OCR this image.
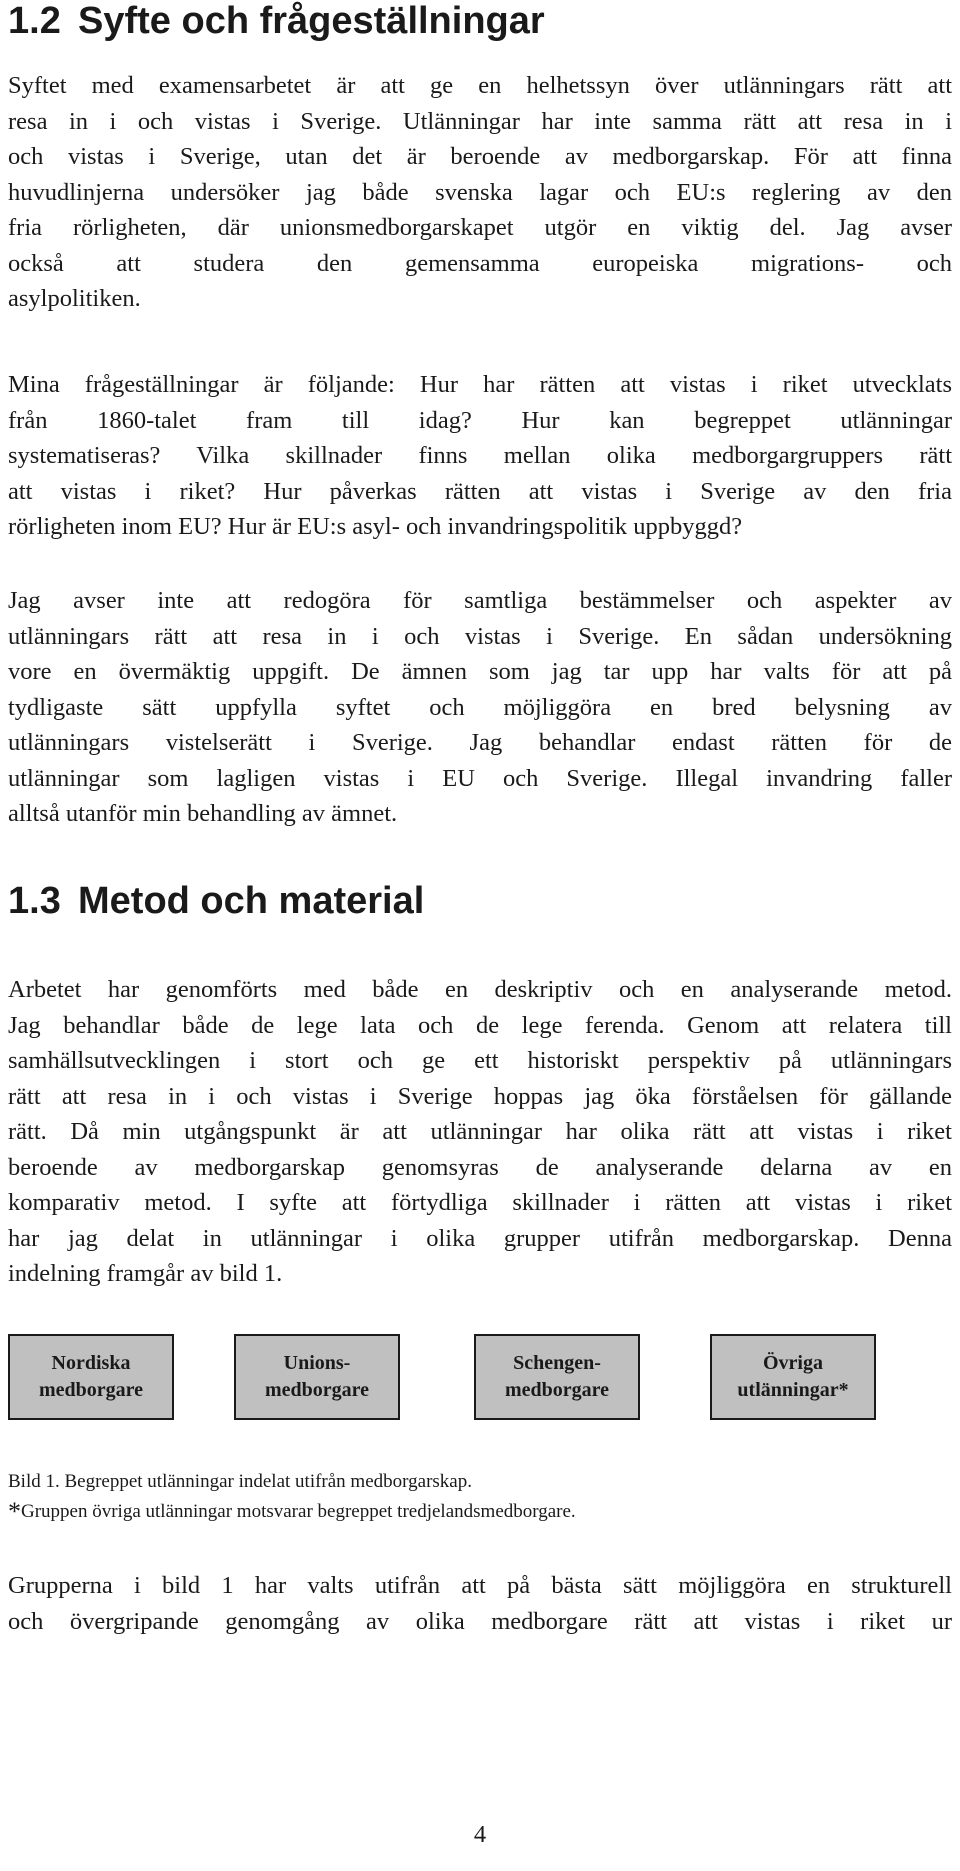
1.2 Syfte och frågeställningar
Syftet med examensarbetet är att ge en helhetssyn över utlänningars rätt att
resa in i och vistas i Sverige. Utlänningar har inte samma rätt att resa in i
och vistas i Sverige, utan det är beroende av medborgarskap. För att finna
huvudlinjerna undersöker jag både svenska lagar och EU:s reglering av den
fria rörligheten, där unionsmedborgarskapet utgör en viktig del. Jag avser
också att studera den gemensamma europeiska migrations- och
asylpolitiken.
Mina frågeställningar är följande: Hur har rätten att vistas i riket utvecklats
från 1860-talet fram till idag? Hur kan begreppet utlänningar
systematiseras? Vilka skillnader finns mellan olika medborgargruppers rätt
att vistas i riket? Hur påverkas rätten att vistas i Sverige av den fria
rörligheten inom EU? Hur är EU:s asyl- och invandringspolitik uppbyggd?
Jag avser inte att redogöra för samtliga bestämmelser och aspekter av
utlänningars rätt att resa in i och vistas i Sverige. En sådan undersökning
vore en övermäktig uppgift. De ämnen som jag tar upp har valts för att på
tydligaste sätt uppfylla syftet och möjliggöra en bred belysning av
utlänningars vistelserätt i Sverige. Jag behandlar endast rätten för de
utlänningar som lagligen vistas i EU och Sverige. Illegal invandring faller
alltså utanför min behandling av ämnet.
1.3 Metod och material
Arbetet har genomförts med både en deskriptiv och en analyserande metod.
Jag behandlar både de lege lata och de lege ferenda. Genom att relatera till
samhällsutvecklingen i stort och ge ett historiskt perspektiv på utlänningars
rätt att resa in i och vistas i Sverige hoppas jag öka förståelsen för gällande
rätt. Då min utgångspunkt är att utlänningar har olika rätt att vistas i riket
beroende av medborgarskap genomsyras de analyserande delarna av en
komparativ metod. I syfte att förtydliga skillnader i rätten att vistas i riket
har jag delat in utlänningar i olika grupper utifrån medborgarskap. Denna
indelning framgår av bild 1.
Nordiska
medborgare
Unions-
medborgare
Schengen-
medborgare
Övriga
utlänningar*

Bild 1. Begreppet utlänningar indelat utifrån medborgarskap.

*Gruppen övriga utlänningar motsvarar begreppet tredjelandsmedborgare.

Grupperna i bild 1 har valts utifrån att på bästa sätt möjliggöra en strukturell
och övergripande genomgång av olika medborgare rätt att vistas i riket ur
4
